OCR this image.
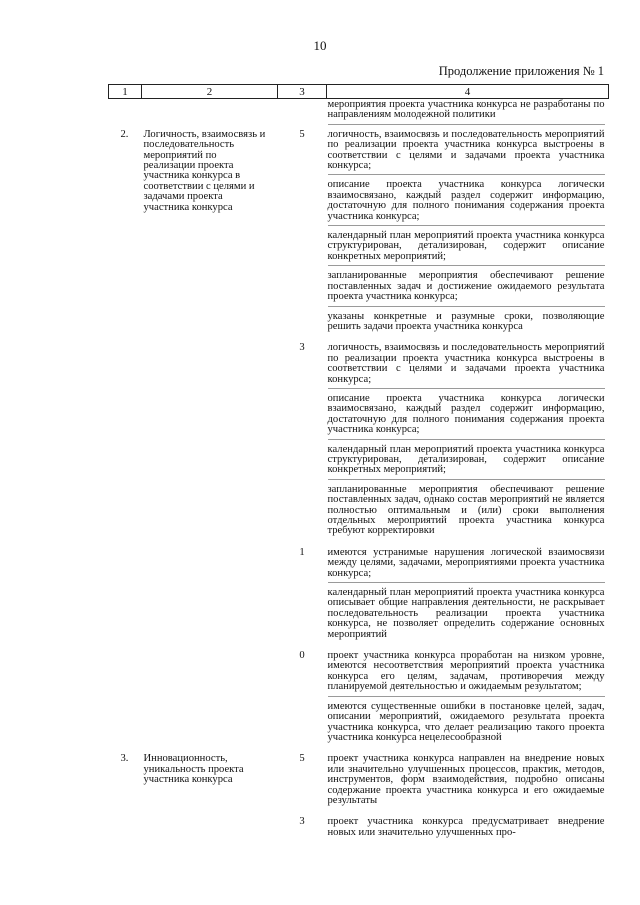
10
Продолжение приложения № 1
1	2	3	4

			мероприятия проекта участника конкурса не разработаны по направлениям молодежной политики

2.	Логичность, взаимосвязь и последовательность мероприятий по реализации проекта участника конкурса в соответствии с целями и задачами проекта участника конкурса	5	логичность, взаимосвязь и последовательность мероприятий по реализации проекта участника конкурса выстроены в соответствии с целями и задачами проекта участника конкурса;
описание проекта участника конкурса логически взаимосвязано, каждый раздел содержит информацию, достаточную для полного понимания содержания проекта участника конкурса;
календарный план мероприятий проекта участника конкурса структурирован, детализирован, содержит описание конкретных мероприятий;
запланированные мероприятия обеспечивают решение поставленных задач и достижение ожидаемого результата проекта участника конкурса;
указаны конкретные и разумные сроки, позволяющие решить задачи проекта участника конкурса

		3	логичность, взаимосвязь и последовательность мероприятий по реализации проекта участника конкурса выстроены в соответствии с целями и задачами проекта участника конкурса;
описание проекта участника конкурса логически взаимосвязано, каждый раздел содержит информацию, достаточную для полного понимания содержания проекта участника конкурса;
календарный план мероприятий проекта участника конкурса структурирован, детализирован, содержит описание конкретных мероприятий;
запланированные мероприятия обеспечивают решение поставленных задач, однако состав мероприятий не является полностью оптимальным и (или) сроки выполнения отдельных мероприятий проекта участника конкурса требуют корректировки

		1	имеются устранимые нарушения логической взаимосвязи между целями, задачами, мероприятиями проекта участника конкурса;
календарный план мероприятий проекта участника конкурса описывает общие направления деятельности, не раскрывает последовательность реализации проекта участника конкурса, не позволяет определить содержание основных мероприятий

		0	проект участника конкурса проработан на низком уровне, имеются несоответствия мероприятий проекта участника конкурса его целям, задачам, противоречия между планируемой деятельностью и ожидаемым результатом;
имеются существенные ошибки в постановке целей, задач, описании мероприятий, ожидаемого результата проекта участника конкурса, что делает реализацию такого проекта участника конкурса нецелесообразной

3.	Инновационность, уникальность проекта участника конкурса	5	проект участника конкурса направлен на внедрение новых или значительно улучшенных процессов, практик, методов, инструментов, форм взаимодействия, подробно описаны содержание проекта участника конкурса и его ожидаемые результаты

		3	проект участника конкурса предусматривает внедрение новых или значительно улучшенных про-
